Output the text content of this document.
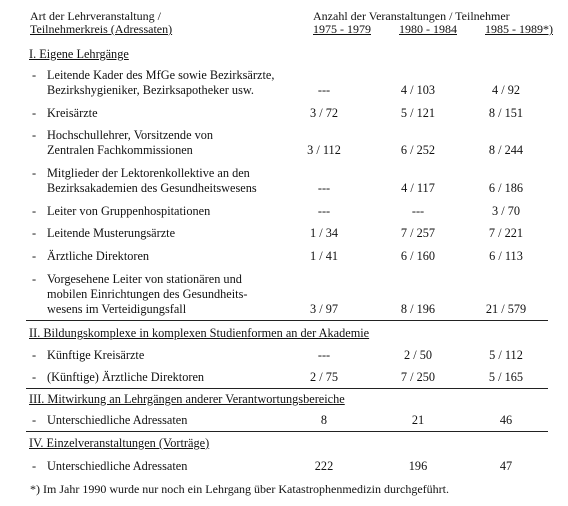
Art der Lehrveranstaltung /
Teilnehmerkreis (Adressaten)
Anzahl der Veranstaltungen / Teilnehmer
1975 - 1979 1980 - 1984 1985 - 1989*)
I. Eigene Lehrgänge
- Leitende Kader des MfGe sowie Bezirksärzte,
Bezirkshygieniker, Bezirksapotheker usw.	---	4 / 103	4 / 92
- Kreisärzte	3 / 72	5 / 121	8 / 151
- Hochschullehrer, Vorsitzende von
Zentralen Fachkommissionen	3 / 112	6 / 252	8 / 244
- Mitglieder der Lektorenkollektive an den
Bezirksakademien des Gesundheitswesens	---	4 / 117	6 / 186
- Leiter von Gruppenhospitationen	---	---	3 / 70
- Leitende Musterungsärzte	1 / 34	7 / 257	7 / 221
- Ärztliche Direktoren	1 / 41	6 / 160	6 / 113
- Vorgesehene Leiter von stationären und
mobilen Einrichtungen des Gesundheits-
wesens im Verteidigungsfall	3 / 97	8 / 196	21 / 579
II. Bildungskomplexe in komplexen Studienformen an der Akademie
- Künftige Kreisärzte	---	2 / 50	5 / 112
- (Künftige) Ärztliche Direktoren	2 / 75	7 / 250	5 / 165
III. Mitwirkung an Lehrgängen anderer Verantwortungsbereiche
- Unterschiedliche Adressaten	8	21	46
IV. Einzelveranstaltungen (Vorträge)
- Unterschiedliche Adressaten	222	196	47
*) Im Jahr 1990 wurde nur noch ein Lehrgang über Katastrophenmedizin durchgeführt.
